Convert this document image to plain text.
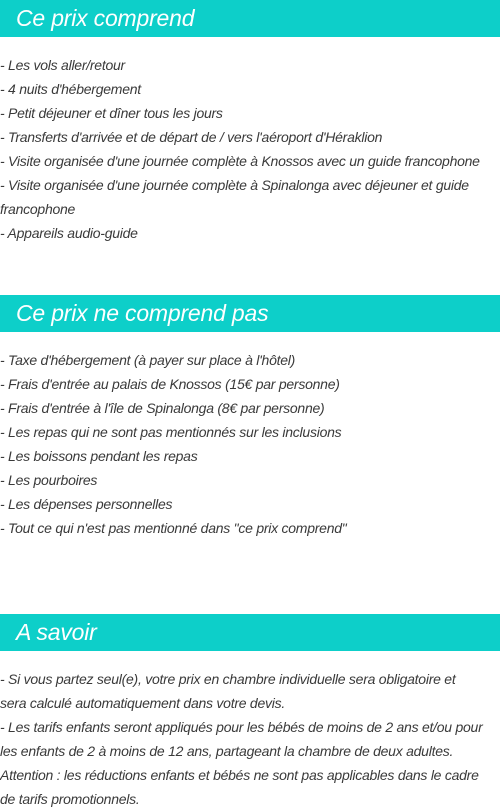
Ce prix comprend
- Les vols aller/retour
- 4 nuits d'hébergement
- Petit déjeuner et dîner tous les jours
- Transferts d'arrivée et de départ de / vers l'aéroport d'Héraklion
- Visite organisée d'une journée complète à Knossos avec un guide francophone
- Visite organisée d'une journée complète à Spinalonga avec déjeuner et guide
francophone
- Appareils audio-guide
Ce prix ne comprend pas
- Taxe d'hébergement (à payer sur place à l'hôtel)
- Frais d'entrée au palais de Knossos (15€ par personne)
- Frais d'entrée à l'île de Spinalonga (8€ par personne)
- Les repas qui ne sont pas mentionnés sur les inclusions
- Les boissons pendant les repas
- Les pourboires
- Les dépenses personnelles
- Tout ce qui n'est pas mentionné dans "ce prix comprend"
A savoir
- Si vous partez seul(e), votre prix en chambre individuelle sera obligatoire et
sera calculé automatiquement dans votre devis.
- Les tarifs enfants seront appliqués pour les bébés de moins de 2 ans et/ou pour
les enfants de 2 à moins de 12 ans, partageant la chambre de deux adultes.
Attention : les réductions enfants et bébés ne sont pas applicables dans le cadre
de tarifs promotionnels.
